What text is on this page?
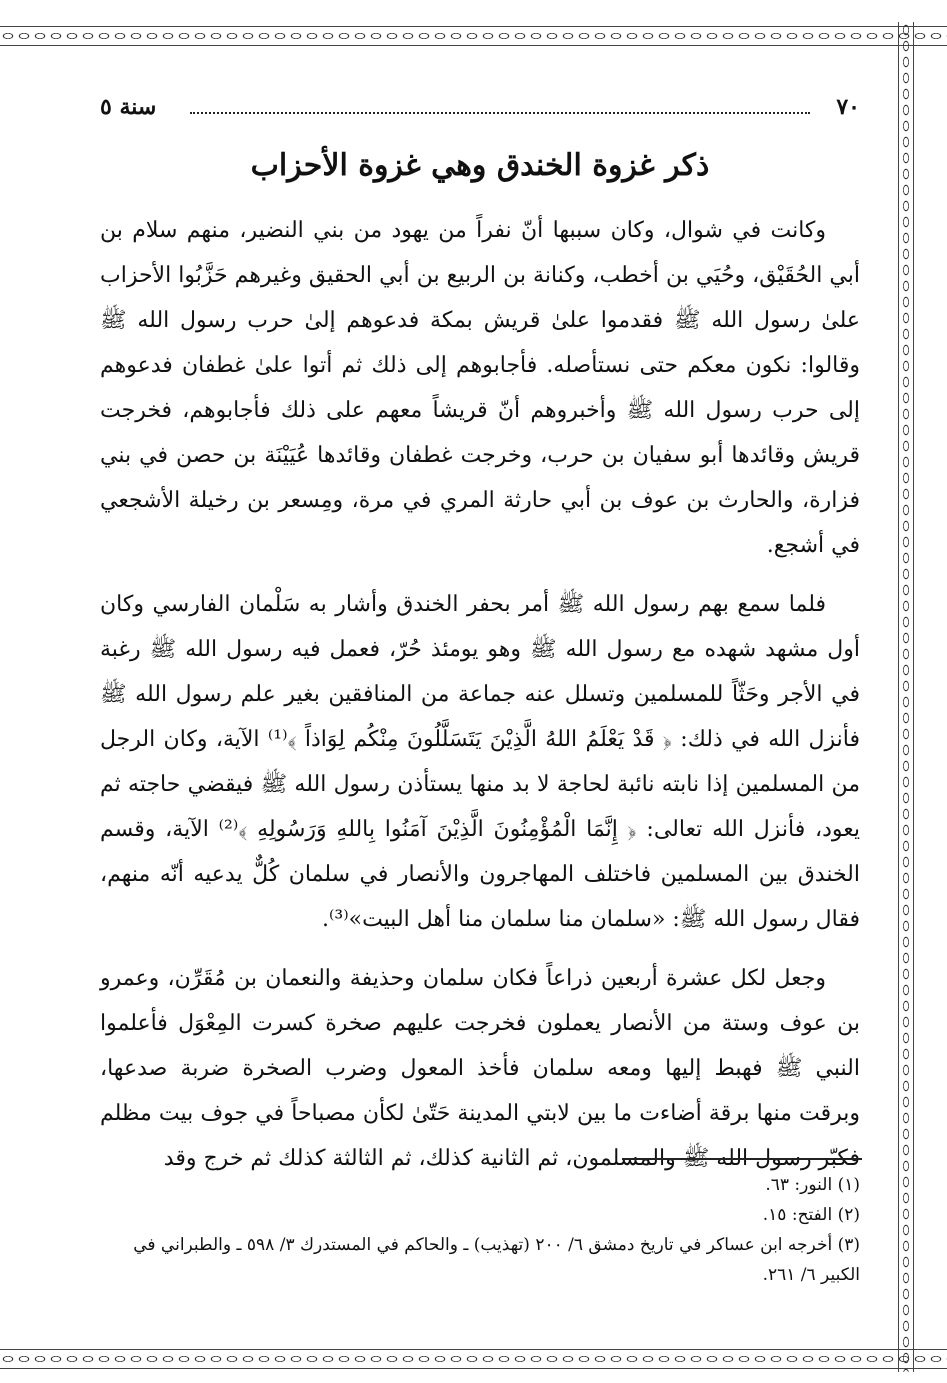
٧٠
سنة ٥
ذكر غزوة الخندق وهي غزوة الأحزاب

وكانت في شوال، وكان سببها أنّ نفراً من يهود من بني النضير، منهم سلام بن أبي الحُقَيْق، وحُيَي بن أخطب، وكنانة بن الربيع بن أبي الحقيق وغيرهم حَزَّبُوا الأحزاب علىٰ رسول الله ﷺ فقدموا علىٰ قريش بمكة فدعوهم إلىٰ حرب رسول الله ﷺ وقالوا: نكون معكم حتى نستأصله. فأجابوهم إلى ذلك ثم أتوا علىٰ غطفان فدعوهم إلى حرب رسول الله ﷺ وأخبروهم أنّ قريشاً معهم على ذلك فأجابوهم، فخرجت قريش وقائدها أبو سفيان بن حرب، وخرجت غطفان وقائدها عُيَيْنَة بن حصن في بني فزارة، والحارث بن عوف بن أبي حارثة المري في مرة، ومِسعر بن رخيلة الأشجعي في أشجع.

فلما سمع بهم رسول الله ﷺ أمر بحفر الخندق وأشار به سَلْمان الفارسي وكان أول مشهد شهده مع رسول الله ﷺ وهو يومئذ حُرّ، فعمل فيه رسول الله ﷺ رغبة في الأجر وحَثّاً للمسلمين وتسلل عنه جماعة من المنافقين بغير علم رسول الله ﷺ فأنزل الله في ذلك: ﴿ قَدْ يَعْلَمُ اللهُ الَّذِيْنَ يَتَسَلَّلُونَ مِنْكُم لِوَاذاً ﴾⁽¹⁾ الآية، وكان الرجل من المسلمين إذا نابته نائبة لحاجة لا بد منها يستأذن رسول الله ﷺ فيقضي حاجته ثم يعود، فأنزل الله تعالى: ﴿ إِنَّمَا الْمُؤْمِنُونَ الَّذِيْنَ آمَنُوا بِاللهِ وَرَسُولِهِ ﴾⁽²⁾ الآية، وقسم الخندق بين المسلمين فاختلف المهاجرون والأنصار في سلمان كُلٌّ يدعيه أنّه منهم، فقال رسول الله ﷺ: «سلمان منا سلمان منا أهل البيت»⁽³⁾.

وجعل لكل عشرة أربعين ذراعاً فكان سلمان وحذيفة والنعمان بن مُقَرِّن، وعمرو بن عوف وستة من الأنصار يعملون فخرجت عليهم صخرة كسرت المِعْوَل فأعلموا النبي ﷺ فهبط إليها ومعه سلمان فأخذ المعول وضرب الصخرة ضربة صدعها، وبرقت منها برقة أضاءت ما بين لابتي المدينة حَتّىٰ لكأن مصباحاً في جوف بيت مظلم فكبّر رسول الله ﷺ والمسلمون، ثم الثانية كذلك، ثم الثالثة كذلك ثم خرج وقد

(١) النور: ٦٣.
(٢) الفتح: ١٥.
(٣) أخرجه ابن عساكر في تاريخ دمشق ٦/ ٢٠٠ (تهذيب) ـ والحاكم في المستدرك ٣/ ٥٩٨ ـ والطبراني في الكبير ٦/ ٢٦١.
